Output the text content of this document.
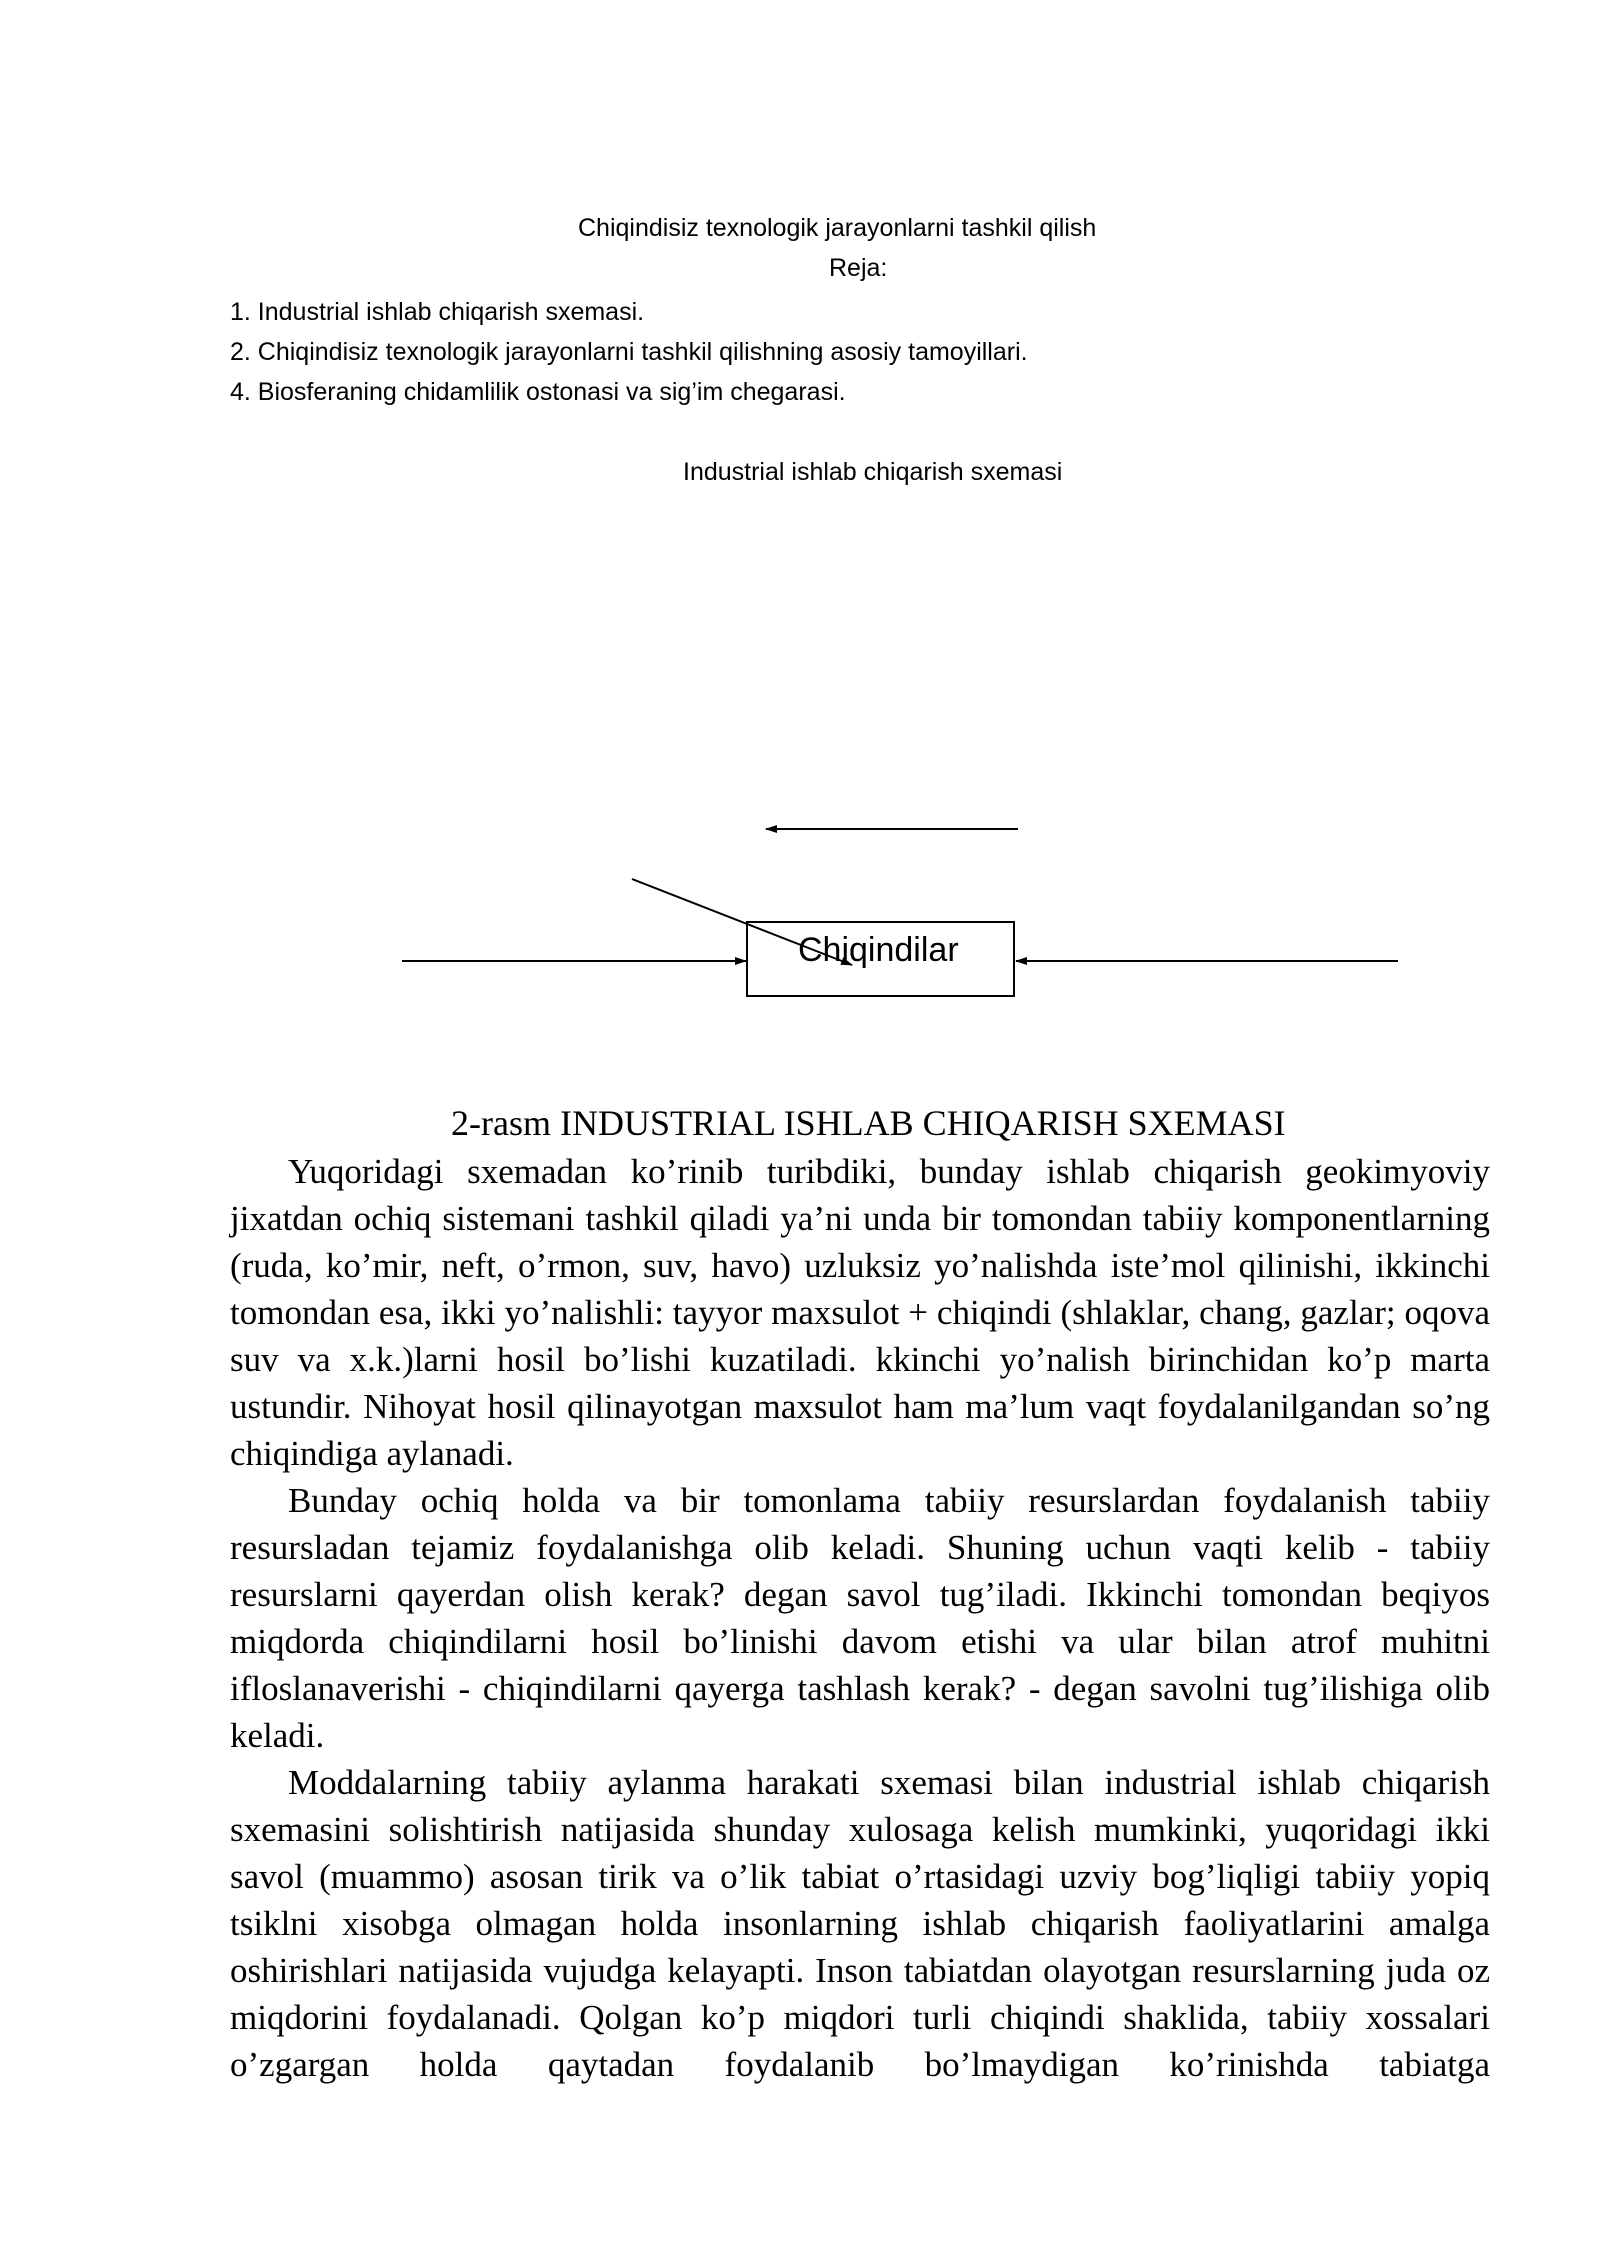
Chiqindisiz texnologik jarayonlarni tashkil qilish
Reja:
1. Industrial ishlab chiqarish sxemasi.
2. Chiqindisiz texnologik jarayonlarni tashkil qilishning asosiy tamoyillari.
4. Biosferaning chidamlilik ostonasi va sig’im chegarasi.
Industrial ishlab chiqarish sxemasi
Chiqindilar
2-rasm INDUSTRIAL ISHLAB CHIQARISH SXEMASI

Yuqoridagi sxemadan ko’rinib turibdiki, bunday ishlab chiqarish geokimyoviy jixatdan ochiq sistemani tashkil qiladi ya’ni unda bir tomondan tabiiy komponentlarning (ruda, ko’mir, neft, o’rmon, suv, havo) uzluksiz yo’nalishda iste’mol qilinishi, ikkinchi tomondan esa, ikki yo’nalishli: tayyor maxsulot + chiqindi (shlaklar, chang, gazlar; oqova suv va x.k.)larni hosil bo’lishi kuzatiladi. kkinchi yo’nalish birinchidan ko’p marta ustundir. Nihoyat hosil qilinayotgan maxsulot ham ma’lum vaqt foydalanilgandan so’ng chiqindiga aylanadi.

Bunday ochiq holda va bir tomonlama tabiiy resurslardan foydalanish tabiiy resursladan tejamiz foydalanishga olib keladi. Shuning uchun vaqti kelib - tabiiy resurslarni qayerdan olish kerak? degan savol tug’iladi. Ikkinchi tomondan beqiyos miqdorda chiqindilarni hosil bo’linishi davom etishi va ular bilan atrof muhitni ifloslanaverishi - chiqindilarni qayerga tashlash kerak? - degan savolni tug’ilishiga olib keladi.

Moddalarning tabiiy aylanma harakati sxemasi bilan industrial ishlab chiqarish sxemasini solishtirish natijasida shunday xulosaga kelish mumkinki, yuqoridagi ikki savol (muammo) asosan tirik va o’lik tabiat o’rtasidagi uzviy bog’liqligi tabiiy yopiq tsiklni xisobga olmagan holda insonlarning ishlab chiqarish faoliyatlarini amalga oshirishlari natijasida vujudga kelayapti. Inson tabiatdan olayotgan resurslarning juda oz miqdorini foydalanadi. Qolgan ko’p miqdori turli chiqindi shaklida, tabiiy xossalari o’zgargan holda qaytadan foydalanib bo’lmaydigan ko’rinishda tabiatga
